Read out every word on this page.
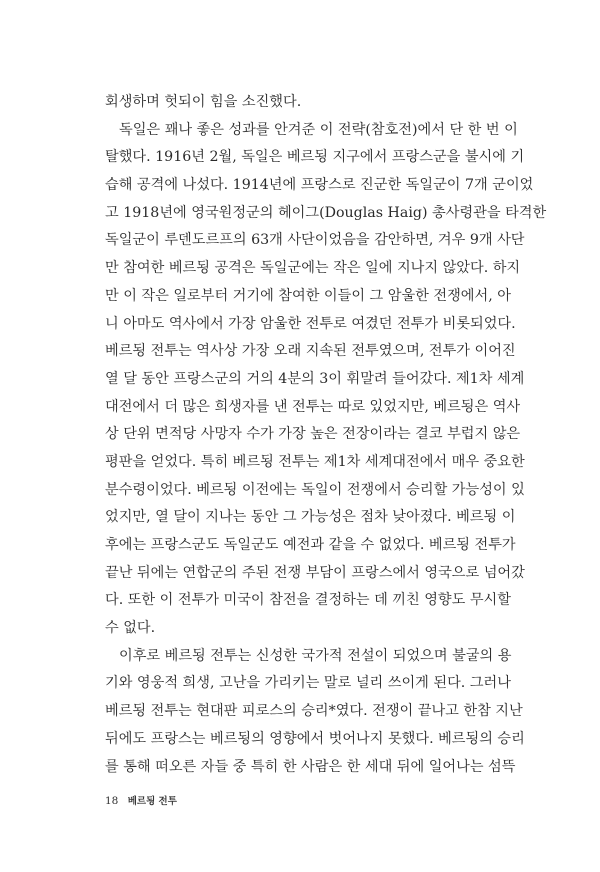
회생하며 헛되이 힘을 소진했다.
독일은 꽤나 좋은 성과를 안겨준 이 전략(참호전)에서 단 한 번 이
탈했다. 1916년 2월, 독일은 베르됭 지구에서 프랑스군을 불시에 기
습해 공격에 나섰다. 1914년에 프랑스로 진군한 독일군이 7개 군이었
고 1918년에 영국원정군의 헤이그(Douglas Haig) 총사령관을 타격한
독일군이 루덴도르프의 63개 사단이었음을 감안하면, 겨우 9개 사단
만 참여한 베르됭 공격은 독일군에는 작은 일에 지나지 않았다. 하지
만 이 작은 일로부터 거기에 참여한 이들이 그 암울한 전쟁에서, 아
니 아마도 역사에서 가장 암울한 전투로 여겼던 전투가 비롯되었다.
베르됭 전투는 역사상 가장 오래 지속된 전투였으며, 전투가 이어진
열 달 동안 프랑스군의 거의 4분의 3이 휘말려 들어갔다. 제1차 세계
대전에서 더 많은 희생자를 낸 전투는 따로 있었지만, 베르됭은 역사
상 단위 면적당 사망자 수가 가장 높은 전장이라는 결코 부럽지 않은
평판을 얻었다. 특히 베르됭 전투는 제1차 세계대전에서 매우 중요한
분수령이었다. 베르됭 이전에는 독일이 전쟁에서 승리할 가능성이 있
었지만, 열 달이 지나는 동안 그 가능성은 점차 낮아졌다. 베르됭 이
후에는 프랑스군도 독일군도 예전과 같을 수 없었다. 베르됭 전투가
끝난 뒤에는 연합군의 주된 전쟁 부담이 프랑스에서 영국으로 넘어갔
다. 또한 이 전투가 미국이 참전을 결정하는 데 끼친 영향도 무시할
수 없다.
이후로 베르됭 전투는 신성한 국가적 전설이 되었으며 불굴의 용
기와 영웅적 희생, 고난을 가리키는 말로 널리 쓰이게 된다. 그러나
베르됭 전투는 현대판 피로스의 승리*였다. 전쟁이 끝나고 한참 지난
뒤에도 프랑스는 베르됭의 영향에서 벗어나지 못했다. 베르됭의 승리
를 통해 떠오른 자들 중 특히 한 사람은 한 세대 뒤에 일어나는 섬뜩
18 베르됭 전투
